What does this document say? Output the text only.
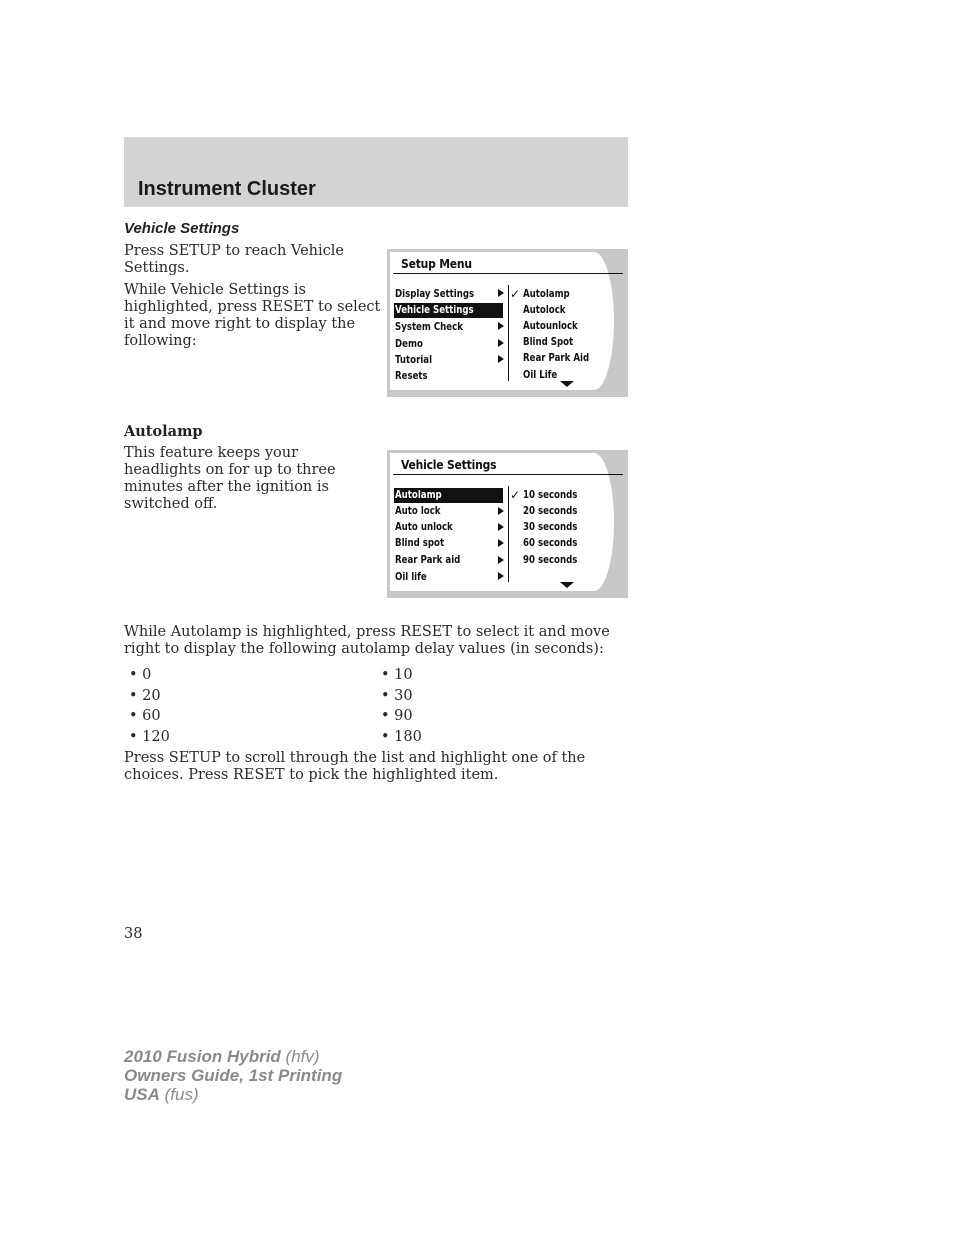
Instrument Cluster
Vehicle Settings
Press SETUP to reach Vehicle Settings.
While Vehicle Settings is highlighted, press RESET to select it and move right to display the following:
Setup Menu
Display Settings
Vehicle Settings
System Check
Demo
Tutorial
Resets
✓ Autolamp
Autolock
Autounlock
Blind Spot
Rear Park Aid
Oil Life
Autolamp
This feature keeps your headlights on for up to three minutes after the ignition is switched off.
Vehicle Settings
Autolamp
Auto lock
Auto unlock
Blind spot
Rear Park aid
Oil life
✓ 10 seconds
20 seconds
30 seconds
60 seconds
90 seconds
While Autolamp is highlighted, press RESET to select it and move right to display the following autolamp delay values (in seconds):
• 0
• 20
• 60
• 120
• 10
• 30
• 90
• 180
Press SETUP to scroll through the list and highlight one of the choices. Press RESET to pick the highlighted item.
38
2010 Fusion Hybrid (hfv)
Owners Guide, 1st Printing
USA (fus)
